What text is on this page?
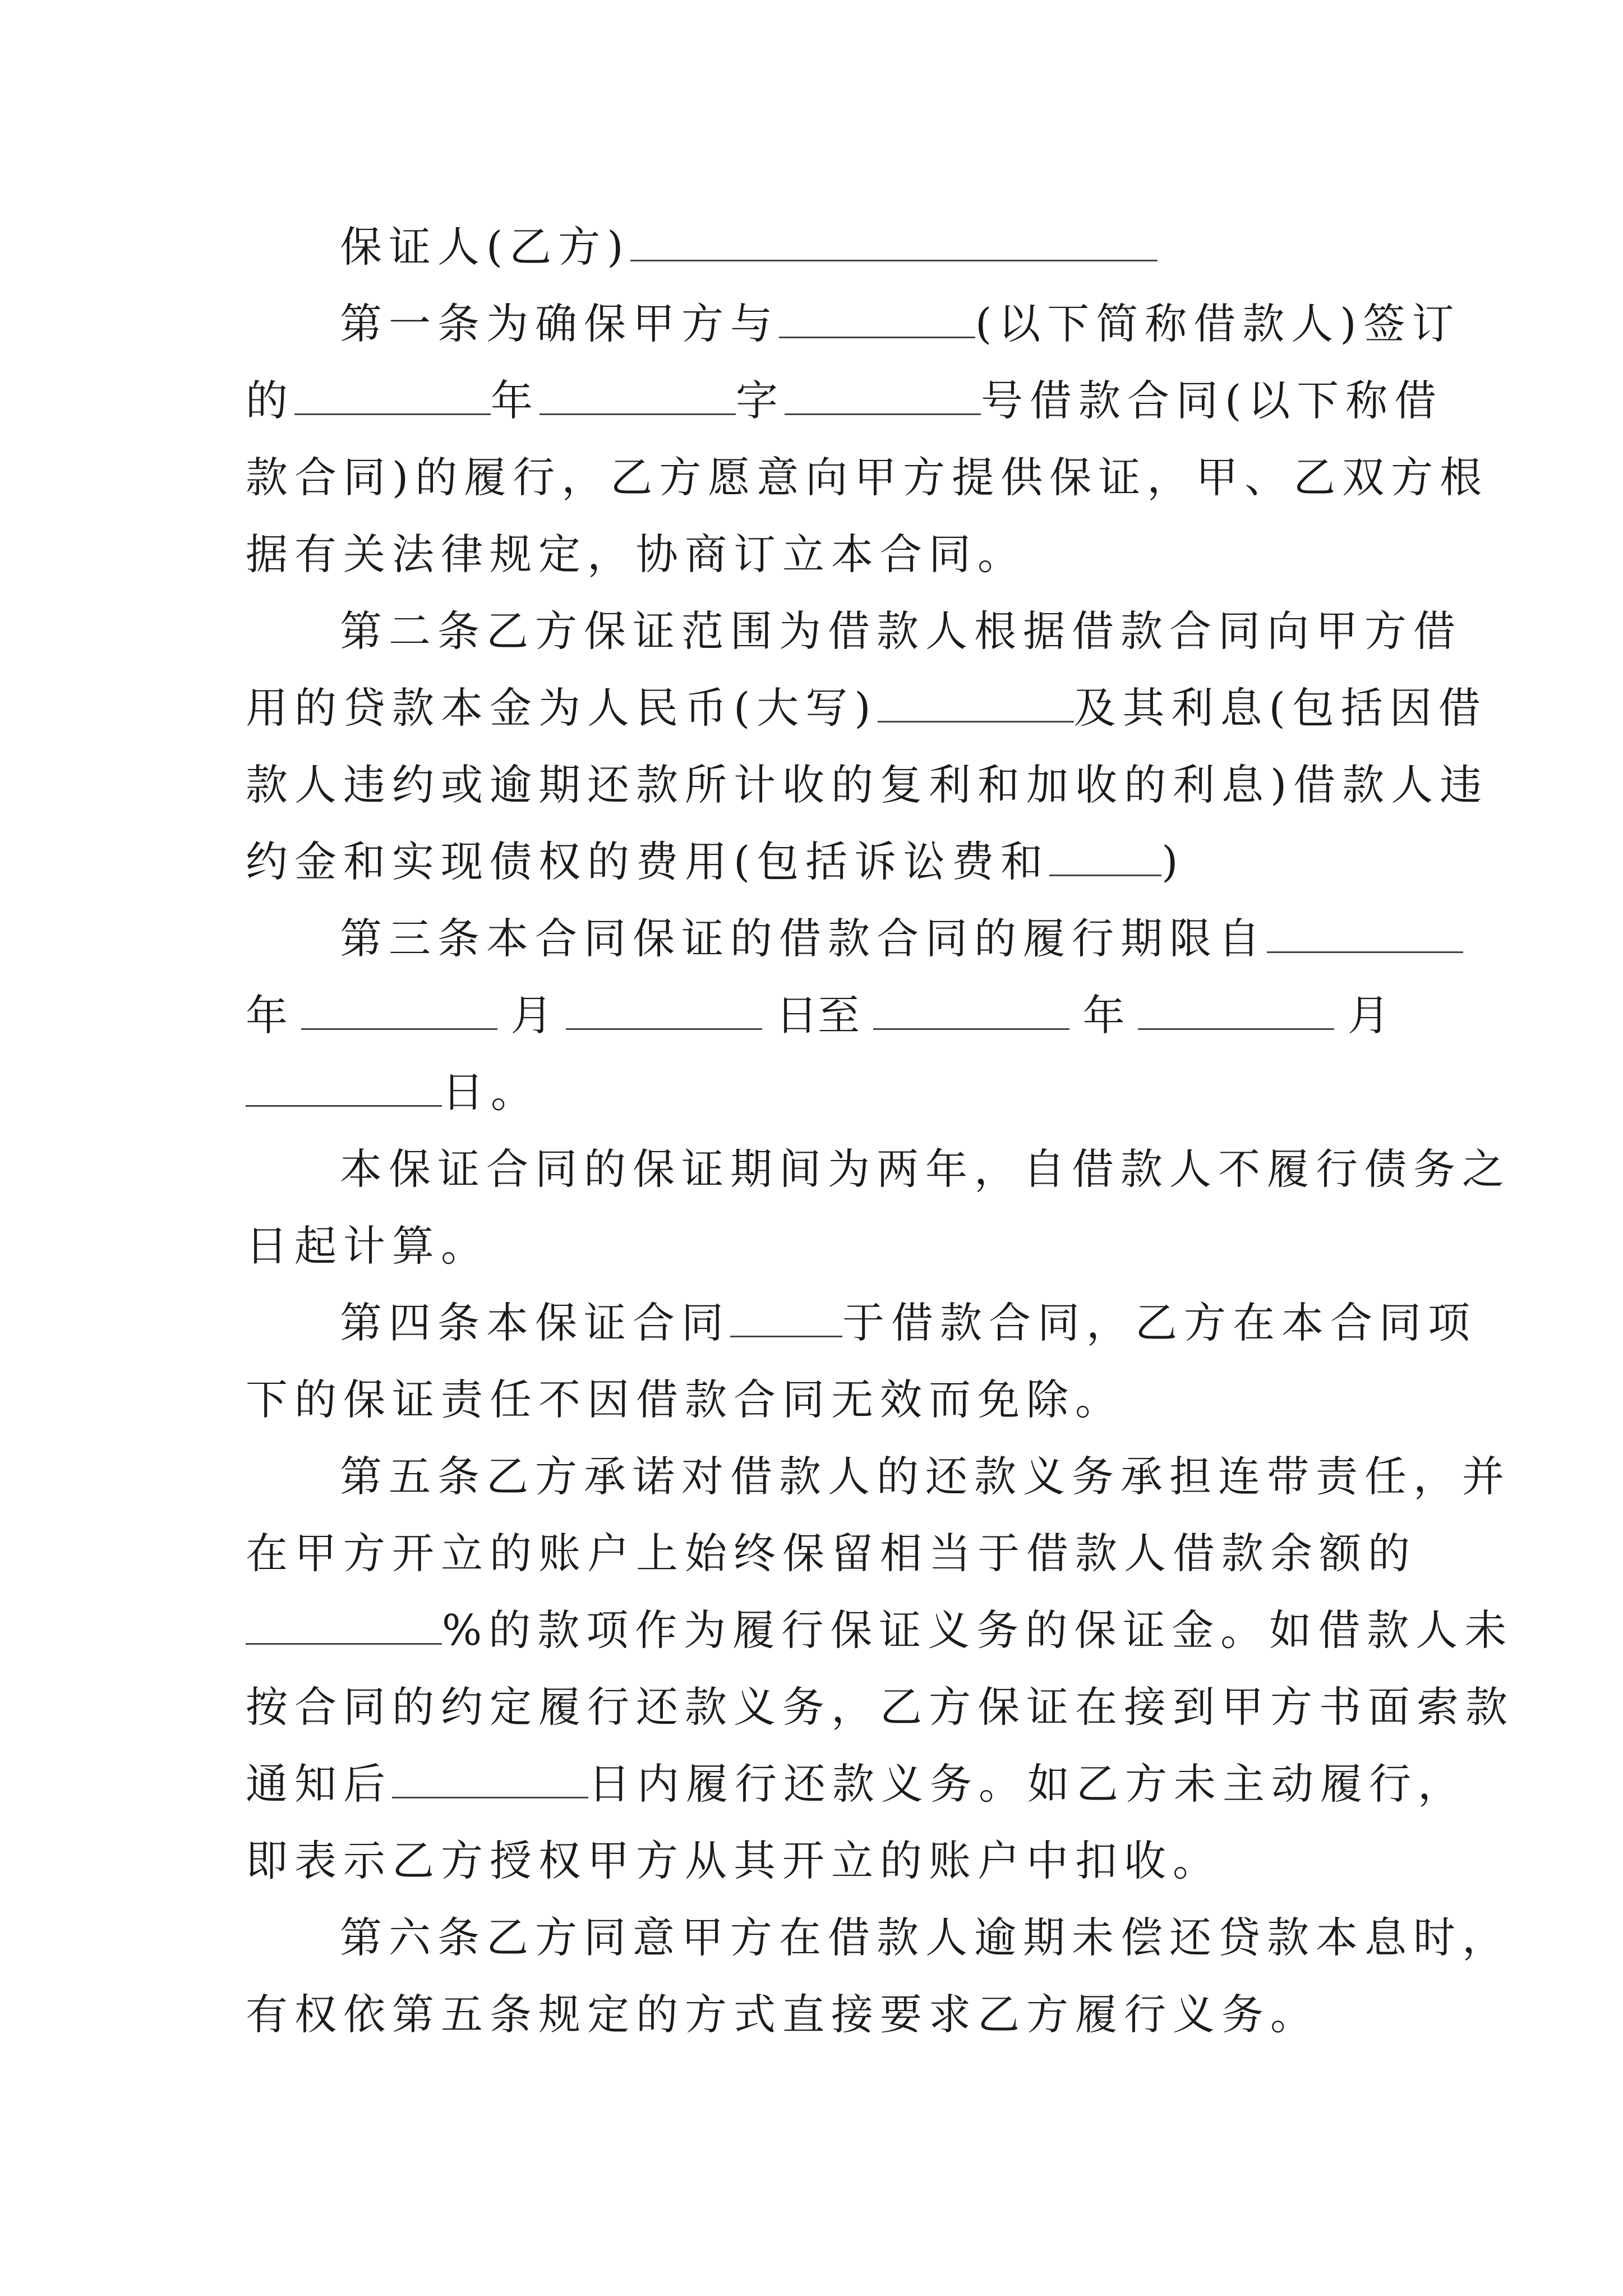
保证人(乙方)
第一条为确保甲方与	(以下简称借款人)签订
的	年	字	号借款合同(以下称借
款合同)的履行，乙方愿意向甲方提供保证，甲、乙双方根
据有关法律规定，协商订立本合同。
第二条乙方保证范围为借款人根据借款合同向甲方借
用的贷款本金为人民币(大写)	及其利息(包括因借
款人违约或逾期还款所计收的复利和加收的利息)借款人违
约金和实现债权的费用(包括诉讼费和	)
第三条本合同保证的借款合同的履行期限自
年	月	日至	年	月
日。
本保证合同的保证期间为两年，自借款人不履行债务之
日起计算。
第四条本保证合同	于借款合同，乙方在本合同项
下的保证责任不因借款合同无效而免除。
第五条乙方承诺对借款人的还款义务承担连带责任，并
在甲方开立的账户上始终保留相当于借款人借款余额的
%的款项作为履行保证义务的保证金。如借款人未
按合同的约定履行还款义务，乙方保证在接到甲方书面索款
通知后	日内履行还款义务。如乙方未主动履行，
即表示乙方授权甲方从其开立的账户中扣收。
第六条乙方同意甲方在借款人逾期未偿还贷款本息时，
有权依第五条规定的方式直接要求乙方履行义务。
